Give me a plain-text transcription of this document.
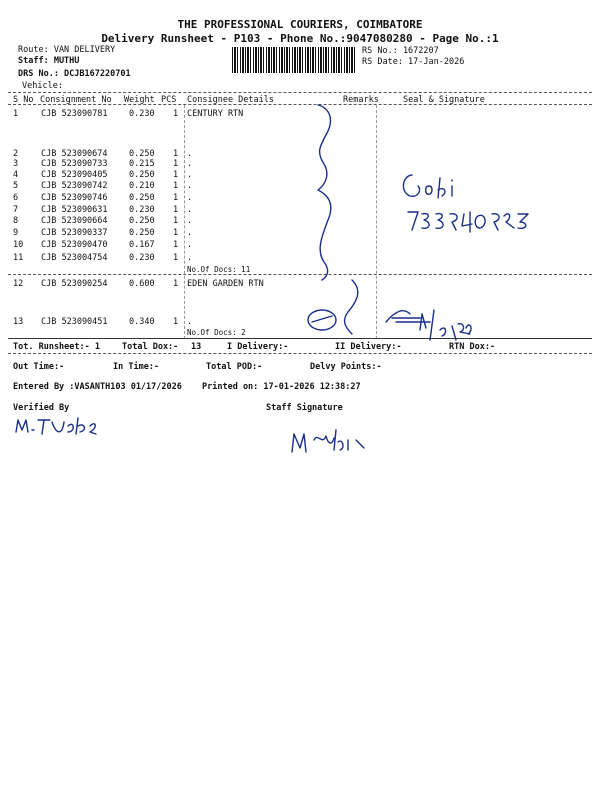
THE PROFESSIONAL COURIERS, COIMBATORE
Delivery Runsheet - P103 - Phone No.:9047080280 - Page No.:1
Route: VAN DELIVERY
Staff: MUTHU
DRS No.: DCJB167220701
Vehicle:
RS No.: 1672207
RS Date: 17-Jan-2026
S No Consignment No Weight PCS Consignee Details	Remarks	Seal & Signature
1	CJB 523090781	0.230 1 CENTURY RTN
2	CJB 523090674	0.250 1 .
3	CJB 523090733	0.215 1 .
4	CJB 523090405	0.250 1 .
5	CJB 523090742	0.210 1 .
6	CJB 523090746	0.250 1 .
7	CJB 523090631	0.230 1 .
8	CJB 523090664	0.250 1 .
9	CJB 523090337	0.250 1 .
10 CJB 523090470	0.167 1 .
11 CJB 523004754	0.230 1 .
No.Of Docs: 11
12 CJB 523090254	0.600 1 EDEN GARDEN RTN
13 CJB 523090451	0.340 1 .
No.Of Docs: 2
Tot. Runsheet:- 1	Total Dox:- 13	I Delivery:-	II Delivery:-	RTN Dox:-
Out Time:-	In Time:-	Total POD:-	Delvy Points:-
Entered By :VASANTH103 01/17/2026 Printed on: 17-01-2026 12:38:27
Verified By	Staff Signature
